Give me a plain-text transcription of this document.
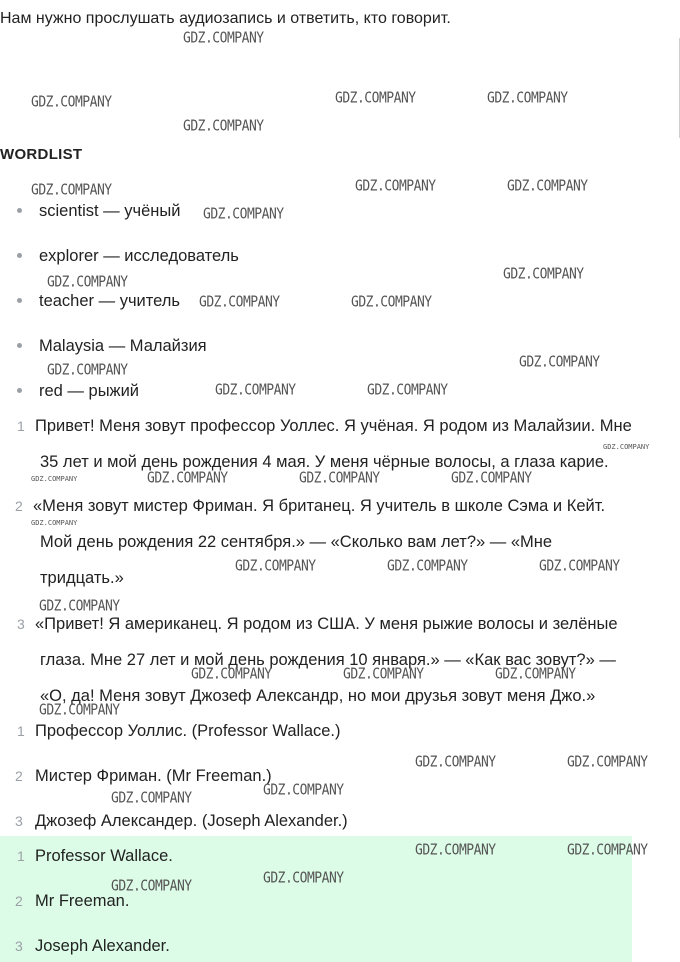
Нам нужно прослушать аудиозапись и ответить, кто говорит.
WORDLIST
scientist — учёный
explorer — исследователь
teacher — учитель
Malaysia — Малайзия
red — рыжий
1 Привет! Меня зовут профессор Уоллес. Я учёная. Я родом из Малайзии. Мне
35 лет и мой день рождения 4 мая. У меня чёрные волосы, а глаза карие.
2 «Меня зовут мистер Фриман. Я британец. Я учитель в школе Сэма и Кейт.
Мой день рождения 22 сентября.» — «Сколько вам лет?» — «Мне
тридцать.»
3 «Привет! Я американец. Я родом из США. У меня рыжие волосы и зелёные
глаза. Мне 27 лет и мой день рождения 10 января.» — «Как вас зовут?» —
«О, да! Меня зовут Джозеф Александр, но мои друзья зовут меня Джо.»
1 Профессор Уоллис. (Professor Wallace.)
2 Мистер Фриман. (Mr Freeman.)
3 Джозеф Александер. (Joseph Alexander.)
1 Professor Wallace.
2 Mr Freeman.
3 Joseph Alexander.
GDZ.COMPANY
GDZ.COMPANY	GDZ.COMPANY	GDZ.COMPANY
GDZ.COMPANY
GDZ.COMPANY	GDZ.COMPANY	GDZ.COMPANY
GDZ.COMPANY
GDZ.COMPANY
GDZ.COMPANY
GDZ.COMPANY	GDZ.COMPANY
GDZ.COMPANY
GDZ.COMPANY
GDZ.COMPANY	GDZ.COMPANY
GDZ.COMPANY
GDZ.COMPANY	GDZ.COMPANY	GDZ.COMPANY	GDZ.COMPANY
GDZ.COMPANY
GDZ.COMPANY	GDZ.COMPANY	GDZ.COMPANY
GDZ.COMPANY
GDZ.COMPANY	GDZ.COMPANY	GDZ.COMPANY
GDZ.COMPANY
GDZ.COMPANY	GDZ.COMPANY
GDZ.COMPANY
GDZ.COMPANY
GDZ.COMPANY	GDZ.COMPANY
GDZ.COMPANY
GDZ.COMPANY
